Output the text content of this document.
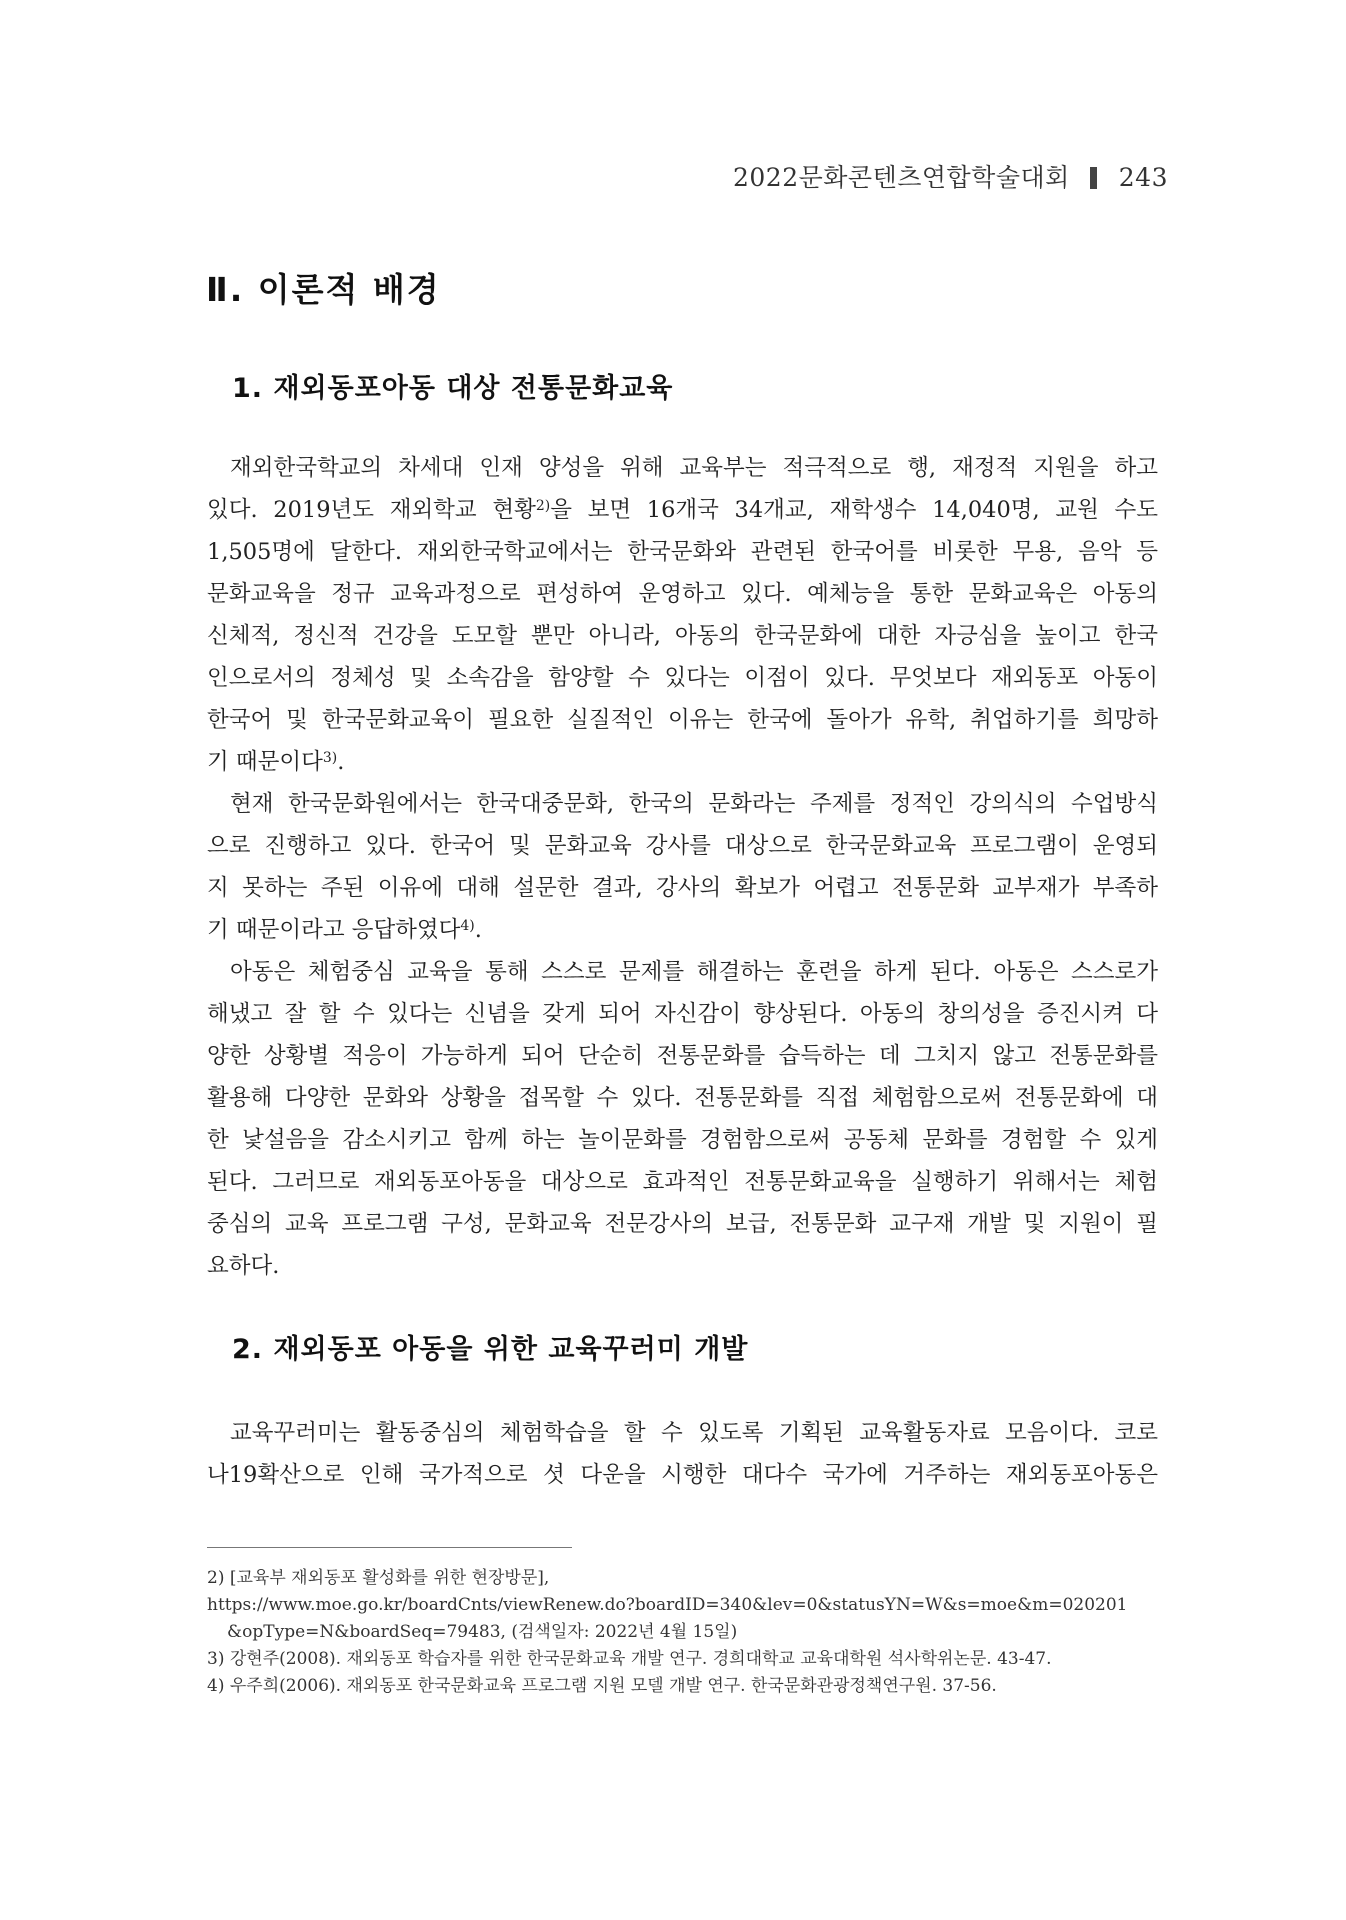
2022문화콘텐츠연합학술대회 243
Ⅱ. 이론적 배경
1. 재외동포아동 대상 전통문화교육
재외한국학교의 차세대 인재 양성을 위해 교육부는 적극적으로 행, 재정적 지원을 하고
있다. 2019년도 재외학교 현황$^{2)}$을 보면 16개국 34개교, 재학생수 14,040명, 교원 수도
1,505명에 달한다. 재외한국학교에서는 한국문화와 관련된 한국어를 비롯한 무용, 음악 등
문화교육을 정규 교육과정으로 편성하여 운영하고 있다. 예체능을 통한 문화교육은 아동의
신체적, 정신적 건강을 도모할 뿐만 아니라, 아동의 한국문화에 대한 자긍심을 높이고 한국
인으로서의 정체성 및 소속감을 함양할 수 있다는 이점이 있다. 무엇보다 재외동포 아동이
한국어 및 한국문화교육이 필요한 실질적인 이유는 한국에 돌아가 유학, 취업하기를 희망하
기 때문이다$^{3)}$.
현재 한국문화원에서는 한국대중문화, 한국의 문화라는 주제를 정적인 강의식의 수업방식
으로 진행하고 있다. 한국어 및 문화교육 강사를 대상으로 한국문화교육 프로그램이 운영되
지 못하는 주된 이유에 대해 설문한 결과, 강사의 확보가 어렵고 전통문화 교부재가 부족하
기 때문이라고 응답하였다$^{4)}$.
아동은 체험중심 교육을 통해 스스로 문제를 해결하는 훈련을 하게 된다. 아동은 스스로가
해냈고 잘 할 수 있다는 신념을 갖게 되어 자신감이 향상된다. 아동의 창의성을 증진시켜 다
양한 상황별 적응이 가능하게 되어 단순히 전통문화를 습득하는 데 그치지 않고 전통문화를
활용해 다양한 문화와 상황을 접목할 수 있다. 전통문화를 직접 체험함으로써 전통문화에 대
한 낯설음을 감소시키고 함께 하는 놀이문화를 경험함으로써 공동체 문화를 경험할 수 있게
된다. 그러므로 재외동포아동을 대상으로 효과적인 전통문화교육을 실행하기 위해서는 체험
중심의 교육 프로그램 구성, 문화교육 전문강사의 보급, 전통문화 교구재 개발 및 지원이 필
요하다.
2. 재외동포 아동을 위한 교육꾸러미 개발
교육꾸러미는 활동중심의 체험학습을 할 수 있도록 기획된 교육활동자료 모음이다. 코로
나19확산으로 인해 국가적으로 셧 다운을 시행한 대다수 국가에 거주하는 재외동포아동은
2) [교육부 재외동포 활성화를 위한 현장방문],
https://www.moe.go.kr/boardCnts/viewRenew.do?boardID=340&lev=0&statusYN=W&s=moe&m=020201
&opType=N&boardSeq=79483, (검색일자: 2022년 4월 15일)
3) 강현주(2008). 재외동포 학습자를 위한 한국문화교육 개발 연구. 경희대학교 교육대학원 석사학위논문. 43-47.
4) 우주희(2006). 재외동포 한국문화교육 프로그램 지원 모델 개발 연구. 한국문화관광정책연구원. 37-56.
